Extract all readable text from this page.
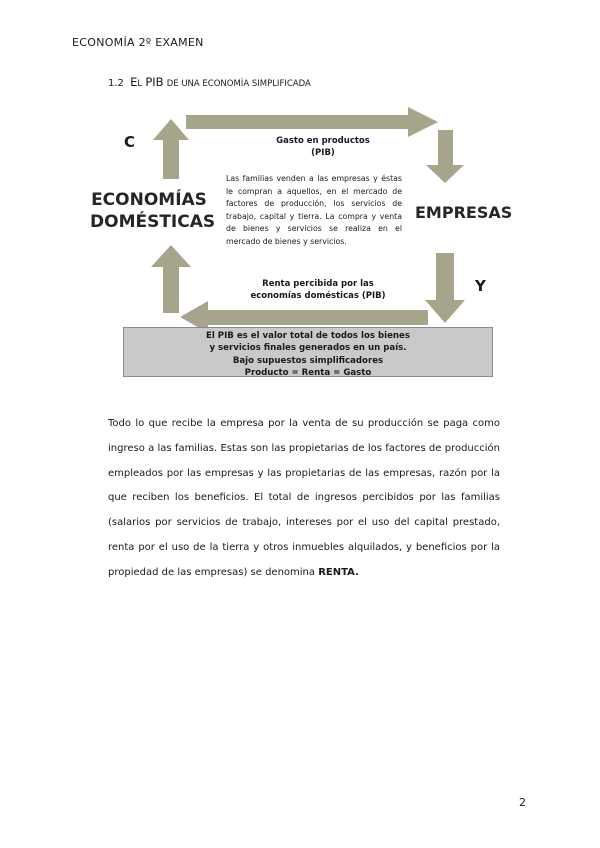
ECONOMÍA 2º EXAMEN
1.2 EL PIB DE UNA ECONOMÍA SIMPLIFICADA
C
Y
ECONOMÍAS
DOMÉSTICAS	EMPRESAS
Gasto en productos
(PIB)
Las familias venden a las empresas y éstas le compran a aquellos, en el mercado de factores de producción, los servicios de trabajo, capital y tierra. La compra y venta de bienes y servicios se realiza en el mercado de bienes y servicios.
Renta percibida por las
economías domésticas (PIB)
El PIB es el valor total de todos los bienes
y servicios finales generados en un país.
Bajo supuestos simplificadores
Producto = Renta = Gasto
Todo lo que recibe la empresa por la venta de su producción se paga como ingreso a las familias. Estas son las propietarias de los factores de producción empleados por las empresas y las propietarias de las empresas, razón por la que reciben los beneficios. El total de ingresos percibidos por las familias (salarios por servicios de trabajo, intereses por el uso del capital prestado, renta por el uso de la tierra y otros inmuebles alquilados, y beneficios por la propiedad de las empresas) se denomina RENTA.
2
